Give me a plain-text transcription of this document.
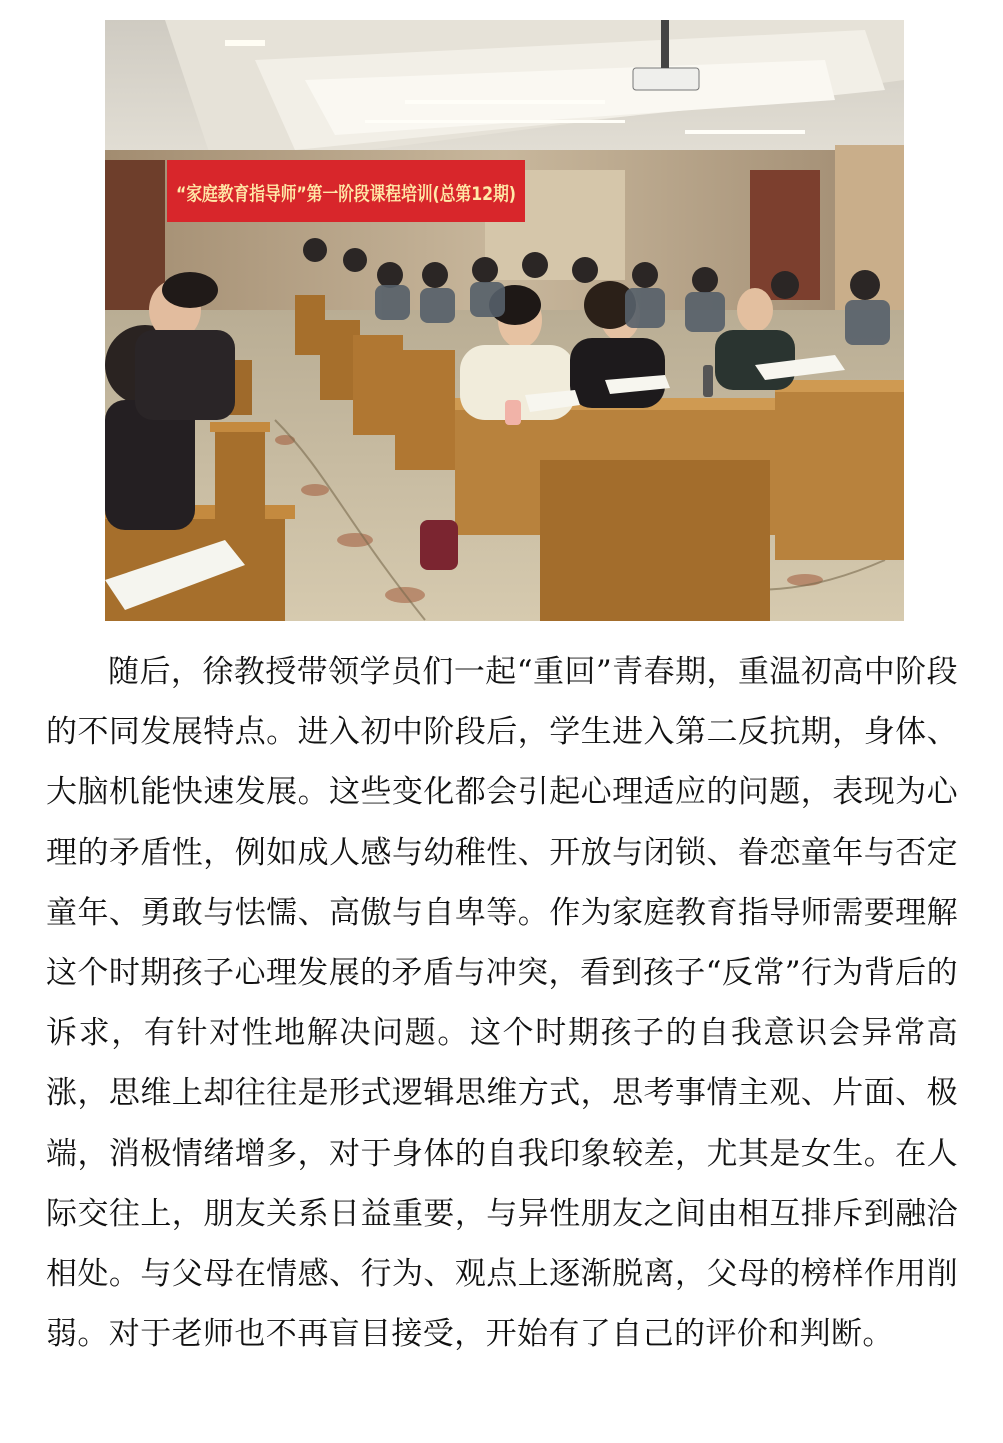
“家庭教育指导师”第一阶段课程培训(总第12期)

随后，徐教授带领学员们一起“重回”青春期，重温初高中阶段的不同发展特点。进入初中阶段后，学生进入第二反抗期，身体、大脑机能快速发展。这些变化都会引起心理适应的问题，表现为心理的矛盾性，例如成人感与幼稚性、开放与闭锁、眷恋童年与否定童年、勇敢与怯懦、高傲与自卑等。作为家庭教育指导师需要理解这个时期孩子心理发展的矛盾与冲突，看到孩子“反常”行为背后的诉求，有针对性地解决问题。这个时期孩子的自我意识会异常高涨，思维上却往往是形式逻辑思维方式，思考事情主观、片面、极端，消极情绪增多，对于身体的自我印象较差，尤其是女生。在人际交往上，朋友关系日益重要，与异性朋友之间由相互排斥到融洽相处。与父母在情感、行为、观点上逐渐脱离，父母的榜样作用削弱。对于老师也不再盲目接受，开始有了自己的评价和判断。
